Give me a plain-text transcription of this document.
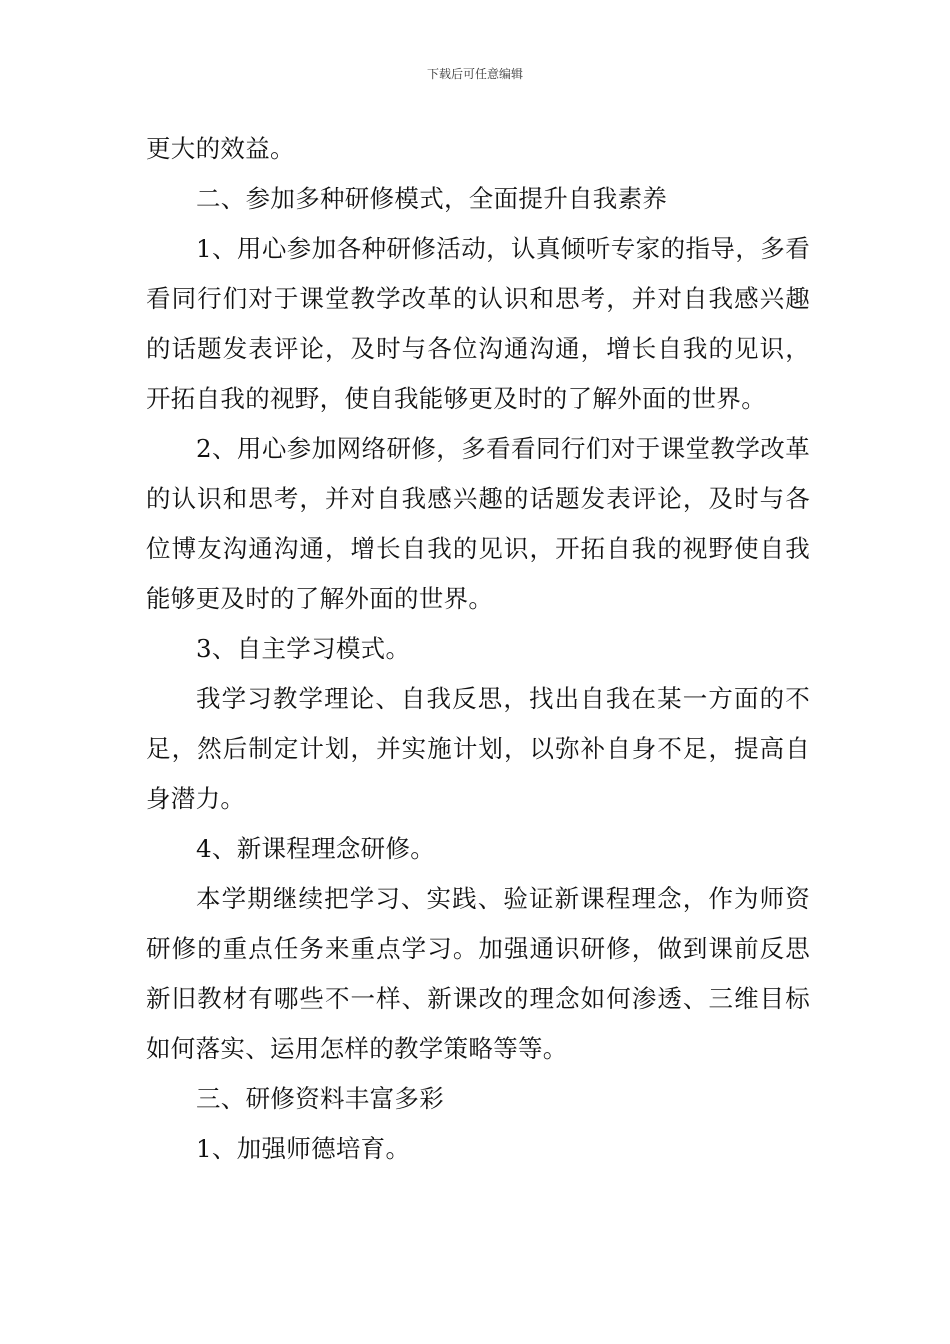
下载后可任意编辑

更大的效益。

二、参加多种研修模式，全面提升自我素养

1、用心参加各种研修活动，认真倾听专家的指导，多看看同行们对于课堂教学改革的认识和思考，并对自我感兴趣的话题发表评论，及时与各位沟通沟通，增长自我的见识，开拓自我的视野，使自我能够更及时的了解外面的世界。

2、用心参加网络研修，多看看同行们对于课堂教学改革的认识和思考，并对自我感兴趣的话题发表评论，及时与各位博友沟通沟通，增长自我的见识，开拓自我的视野使自我能够更及时的了解外面的世界。

3、自主学习模式。

我学习教学理论、自我反思，找出自我在某一方面的不足，然后制定计划，并实施计划，以弥补自身不足，提高自身潜力。

4、新课程理念研修。

本学期继续把学习、实践、验证新课程理念，作为师资研修的重点任务来重点学习。加强通识研修，做到课前反思新旧教材有哪些不一样、新课改的理念如何渗透、三维目标如何落实、运用怎样的教学策略等等。

三、研修资料丰富多彩

1、加强师德培育。
